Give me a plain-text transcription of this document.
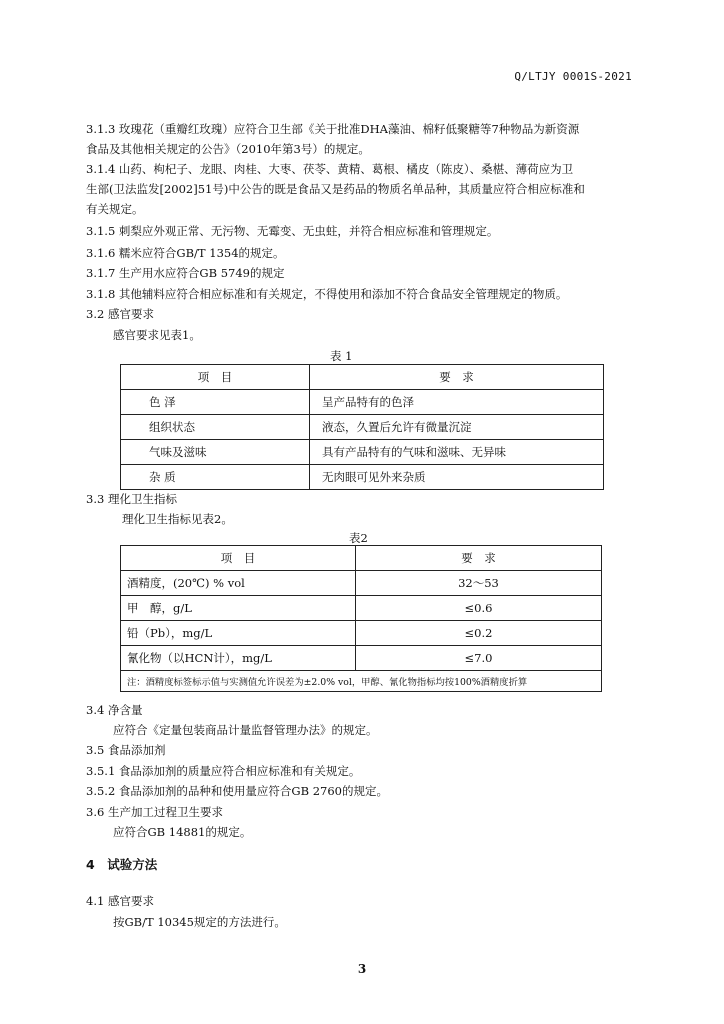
Q/LTJY 0001S-2021
3.1.3 玫瑰花（重瓣红玫瑰）应符合卫生部《关于批准DHA藻油、棉籽低聚糖等7种物品为新资源
食品及其他相关规定的公告》（2010年第3号）的规定。
3.1.4 山药、枸杞子、龙眼、肉桂、大枣、茯苓、黄精、葛根、橘皮（陈皮）、桑椹、薄荷应为卫
生部(卫法监发[2002]51号)中公告的既是食品又是药品的物质名单品种，其质量应符合相应标准和
有关规定。
3.1.5 刺梨应外观正常、无污物、无霉变、无虫蛀，并符合相应标准和管理规定。
3.1.6 糯米应符合GB/T 1354的规定。
3.1.7 生产用水应符合GB 5749的规定
3.1.8 其他辅料应符合相应标准和有关规定，不得使用和添加不符合食品安全管理规定的物质。
3.2 感官要求
感官要求见表1。
表 1
项　目	要　求
色 泽	呈产品特有的色泽
组织状态	液态，久置后允许有微量沉淀
气味及滋味	具有产品特有的气味和滋味、无异味
杂 质	无肉眼可见外来杂质
3.3 理化卫生指标
理化卫生指标见表2。
表2
项　目	要　求
酒精度，(20℃) % vol	32～53
甲　醇，g/L	≤0.6
铅（Pb），mg/L	≤0.2
氰化物（以HCN计），mg/L	≤7.0
注：酒精度标签标示值与实测值允许误差为±2.0% vol，甲醇、氰化物指标均按100%酒精度折算	
3.4 净含量
应符合《定量包装商品计量监督管理办法》的规定。
3.5 食品添加剂
3.5.1 食品添加剂的质量应符合相应标准和有关规定。
3.5.2 食品添加剂的品种和使用量应符合GB 2760的规定。
3.6 生产加工过程卫生要求
应符合GB 14881的规定。
4　试验方法
4.1 感官要求
按GB/T 10345规定的方法进行。
3
